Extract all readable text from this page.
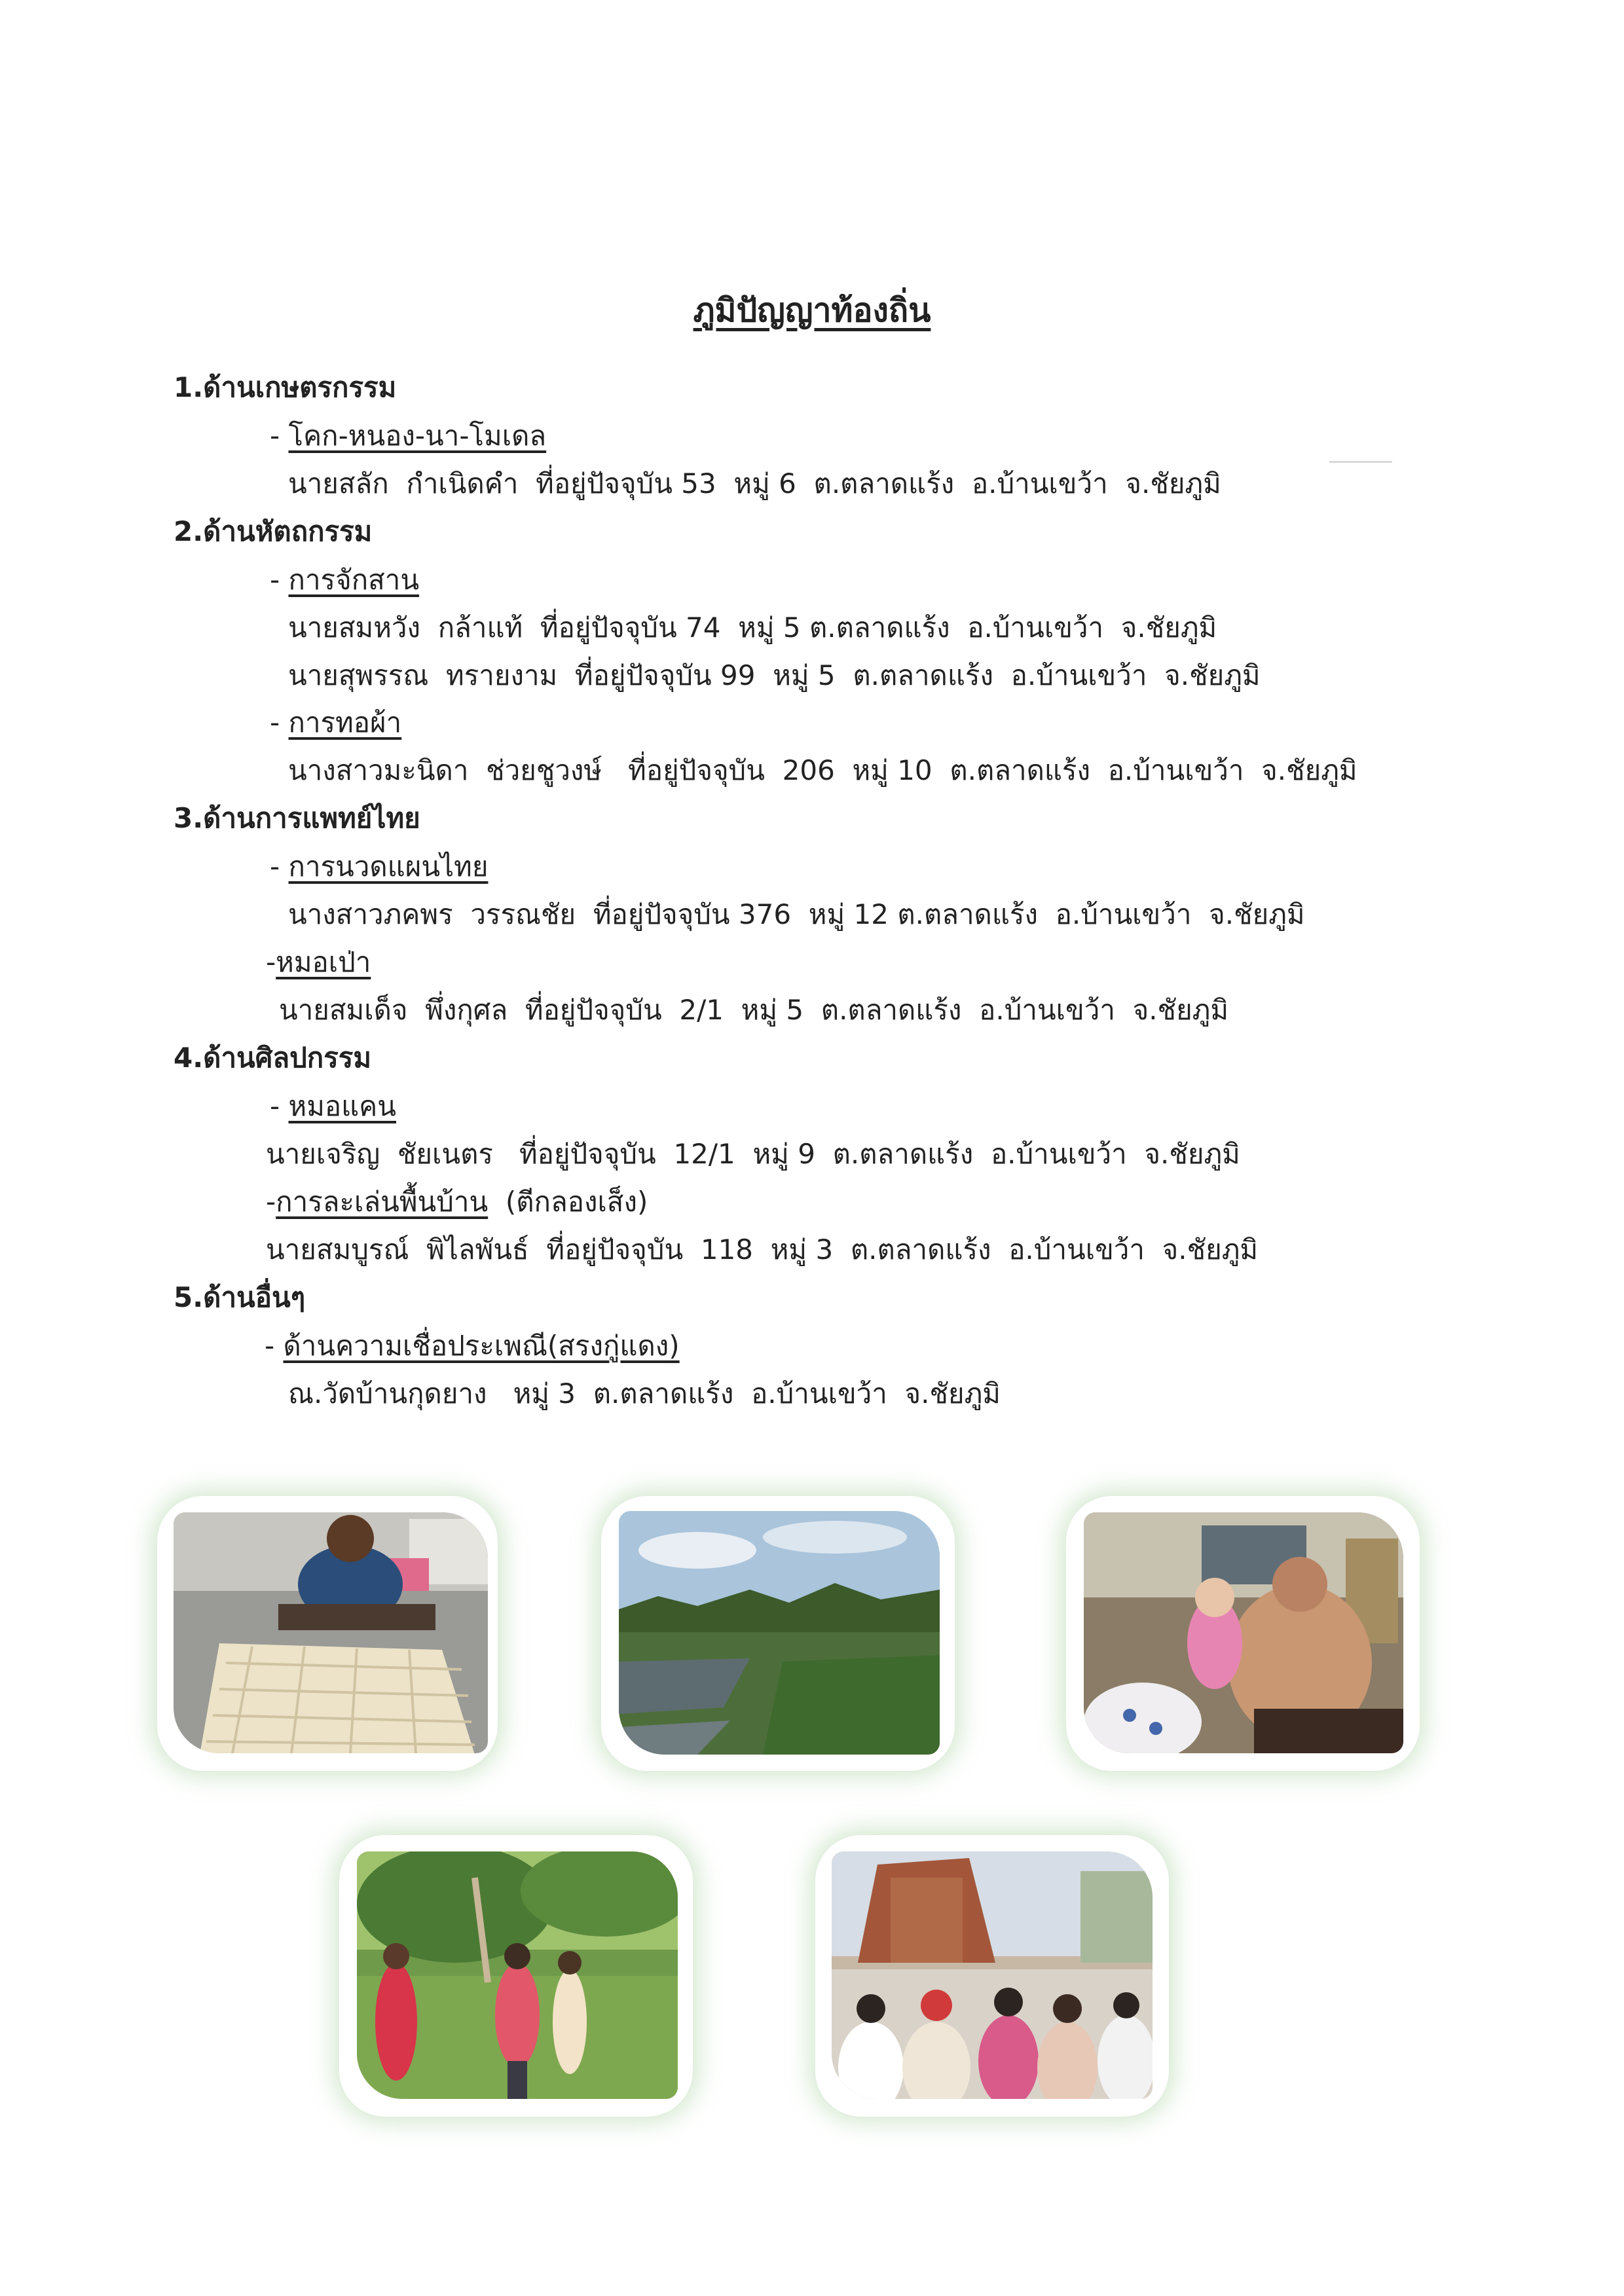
ภูมิปัญญาท้องถิ่น
1.ด้านเกษตรกรรม
- โคก-หนอง-นา-โมเดล
นายสลัก  กำเนิดคำ  ที่อยู่ปัจจุบัน 53  หมู่ 6  ต.ตลาดแร้ง  อ.บ้านเขว้า  จ.ชัยภูมิ
2.ด้านหัตถกรรม
- การจักสาน
นายสมหวัง  กล้าแท้  ที่อยู่ปัจจุบัน 74  หมู่ 5 ต.ตลาดแร้ง  อ.บ้านเขว้า  จ.ชัยภูมิ
นายสุพรรณ  ทรายงาม  ที่อยู่ปัจจุบัน 99  หมู่ 5  ต.ตลาดแร้ง  อ.บ้านเขว้า  จ.ชัยภูมิ
- การทอผ้า
นางสาวมะนิดา  ช่วยชูวงษ์   ที่อยู่ปัจจุบัน  206  หมู่ 10  ต.ตลาดแร้ง  อ.บ้านเขว้า  จ.ชัยภูมิ
3.ด้านการแพทย์ไทย
- การนวดแผนไทย
นางสาวภคพร  วรรณชัย  ที่อยู่ปัจจุบัน 376  หมู่ 12 ต.ตลาดแร้ง  อ.บ้านเขว้า  จ.ชัยภูมิ
-หมอเป่า
นายสมเด็จ  พึ่งกุศล  ที่อยู่ปัจจุบัน  2/1  หมู่ 5  ต.ตลาดแร้ง  อ.บ้านเขว้า  จ.ชัยภูมิ
4.ด้านศิลปกรรม
- หมอแคน
นายเจริญ  ชัยเนตร   ที่อยู่ปัจจุบัน  12/1  หมู่ 9  ต.ตลาดแร้ง  อ.บ้านเขว้า  จ.ชัยภูมิ
-การละเล่นพื้นบ้าน  (ตีกลองเส็ง)
นายสมบูรณ์  พิไลพันธ์  ที่อยู่ปัจจุบัน  118  หมู่ 3  ต.ตลาดแร้ง  อ.บ้านเขว้า  จ.ชัยภูมิ
5.ด้านอื่นๆ
- ด้านความเชื่อประเพณี(สรงกู่แดง)
ณ.วัดบ้านกุดยาง   หมู่ 3  ต.ตลาดแร้ง  อ.บ้านเขว้า  จ.ชัยภูมิ
